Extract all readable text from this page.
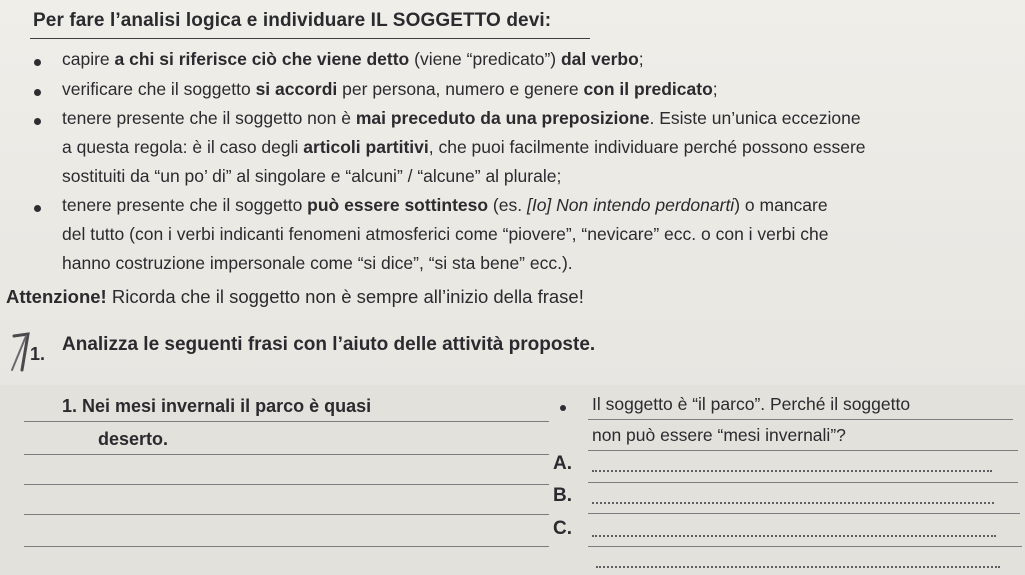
Per fare l’analisi logica e individuare IL SOGGETTO devi:
capire a chi si riferisce ciò che viene detto (viene “predicato”) dal verbo;
verificare che il soggetto si accordi per persona, numero e genere con il predicato;
tenere presente che il soggetto non è mai preceduto da una preposizione. Esiste un’unica eccezione
a questa regola: è il caso degli articoli partitivi, che puoi facilmente individuare perché possono essere
sostituiti da “un po’ di” al singolare e “alcuni” / “alcune” al plurale;
tenere presente che il soggetto può essere sottinteso (es. [Io] Non intendo perdonarti) o mancare
del tutto (con i verbi indicanti fenomeni atmosferici come “piovere”, “nevicare” ecc. o con i verbi che
hanno costruzione impersonale come “si dice”, “si sta bene” ecc.).
Attenzione! Ricorda che il soggetto non è sempre all’inizio della frase!
1. Analizza le seguenti frasi con l’aiuto delle attività proposte.
1. Nei mesi invernali il parco è quasi
deserto.
Il soggetto è “il parco”. Perché il soggetto
non può essere “mesi invernali”?
A.
B.
C.
